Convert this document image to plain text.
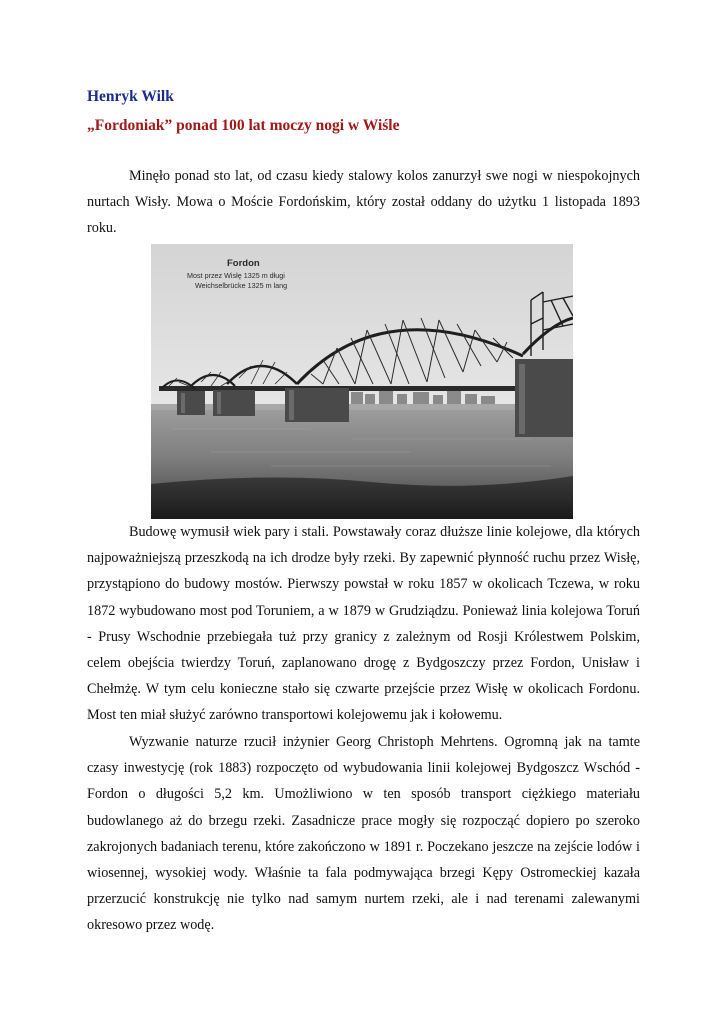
Henryk Wilk
„Fordoniak” ponad 100 lat moczy nogi w Wiśle

Minęło ponad sto lat, od czasu kiedy stalowy kolos zanurzył swe nogi w niespokojnych nurtach Wisły. Mowa o Moście Fordońskim, który został oddany do użytku 1 listopada 1893 roku.

Fordon
Most przez Wisłę 1325 m długi
Weichselbrücke 1325 m lang

Budowę wymusił wiek pary i stali. Powstawały coraz dłuższe linie kolejowe, dla których najpoważniejszą przeszkodą na ich drodze były rzeki. By zapewnić płynność ruchu przez Wisłę, przystąpiono do budowy mostów. Pierwszy powstał w roku 1857 w okolicach Tczewa, w roku 1872 wybudowano most pod Toruniem, a w 1879 w Grudziądzu. Ponieważ linia kolejowa Toruń - Prusy Wschodnie przebiegała tuż przy granicy z zależnym od Rosji Królestwem Polskim, celem obejścia twierdzy Toruń, zaplanowano drogę z Bydgoszczy przez Fordon, Unisław i Chełmżę. W tym celu konieczne stało się czwarte przejście przez Wisłę w okolicach Fordonu. Most ten miał służyć zarówno transportowi kolejowemu jak i kołowemu.

Wyzwanie naturze rzucił inżynier Georg Christoph Mehrtens. Ogromną jak na tamte czasy inwestycję (rok 1883) rozpoczęto od wybudowania linii kolejowej Bydgoszcz Wschód - Fordon o długości 5,2 km. Umożliwiono w ten sposób transport ciężkiego materiału budowlanego aż do brzegu rzeki. Zasadnicze prace mogły się rozpocząć dopiero po szeroko zakrojonych badaniach terenu, które zakończono w 1891 r. Poczekano jeszcze na zejście lodów i wiosennej, wysokiej wody. Właśnie ta fala podmywająca brzegi Kępy Ostromeckiej kazała przerzucić konstrukcję nie tylko nad samym nurtem rzeki, ale i nad terenami zalewanymi okresowo przez wodę.
